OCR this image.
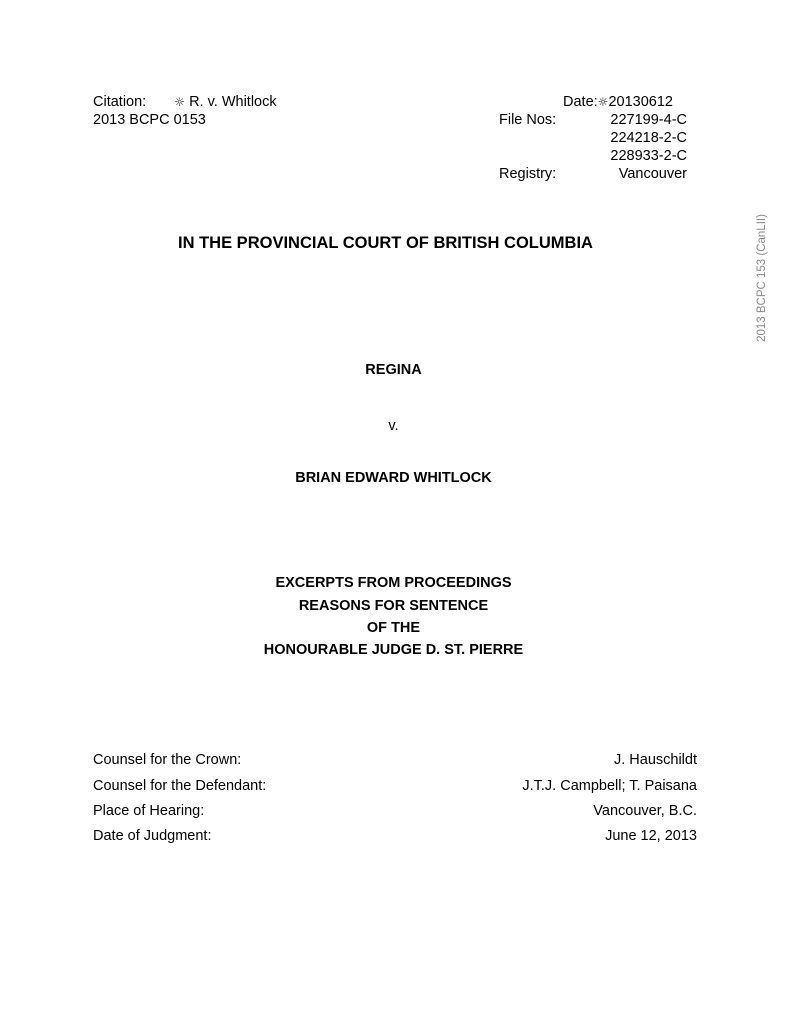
Citation: ☼ R. v. Whitlock
2013 BCPC 0153
Date:☼20130612
File Nos:	227199-4-C
224218-2-C
228933-2-C
Registry:	Vancouver
2013 BCPC 153 (CanLII)
IN THE PROVINCIAL COURT OF BRITISH COLUMBIA
REGINA
v.
BRIAN EDWARD WHITLOCK
EXCERPTS FROM PROCEEDINGS
REASONS FOR SENTENCE
OF THE
HONOURABLE JUDGE D. ST. PIERRE
Counsel for the Crown:	J. Hauschildt
Counsel for the Defendant:	J.T.J. Campbell; T. Paisana
Place of Hearing:	Vancouver, B.C.
Date of Judgment:	June 12, 2013
